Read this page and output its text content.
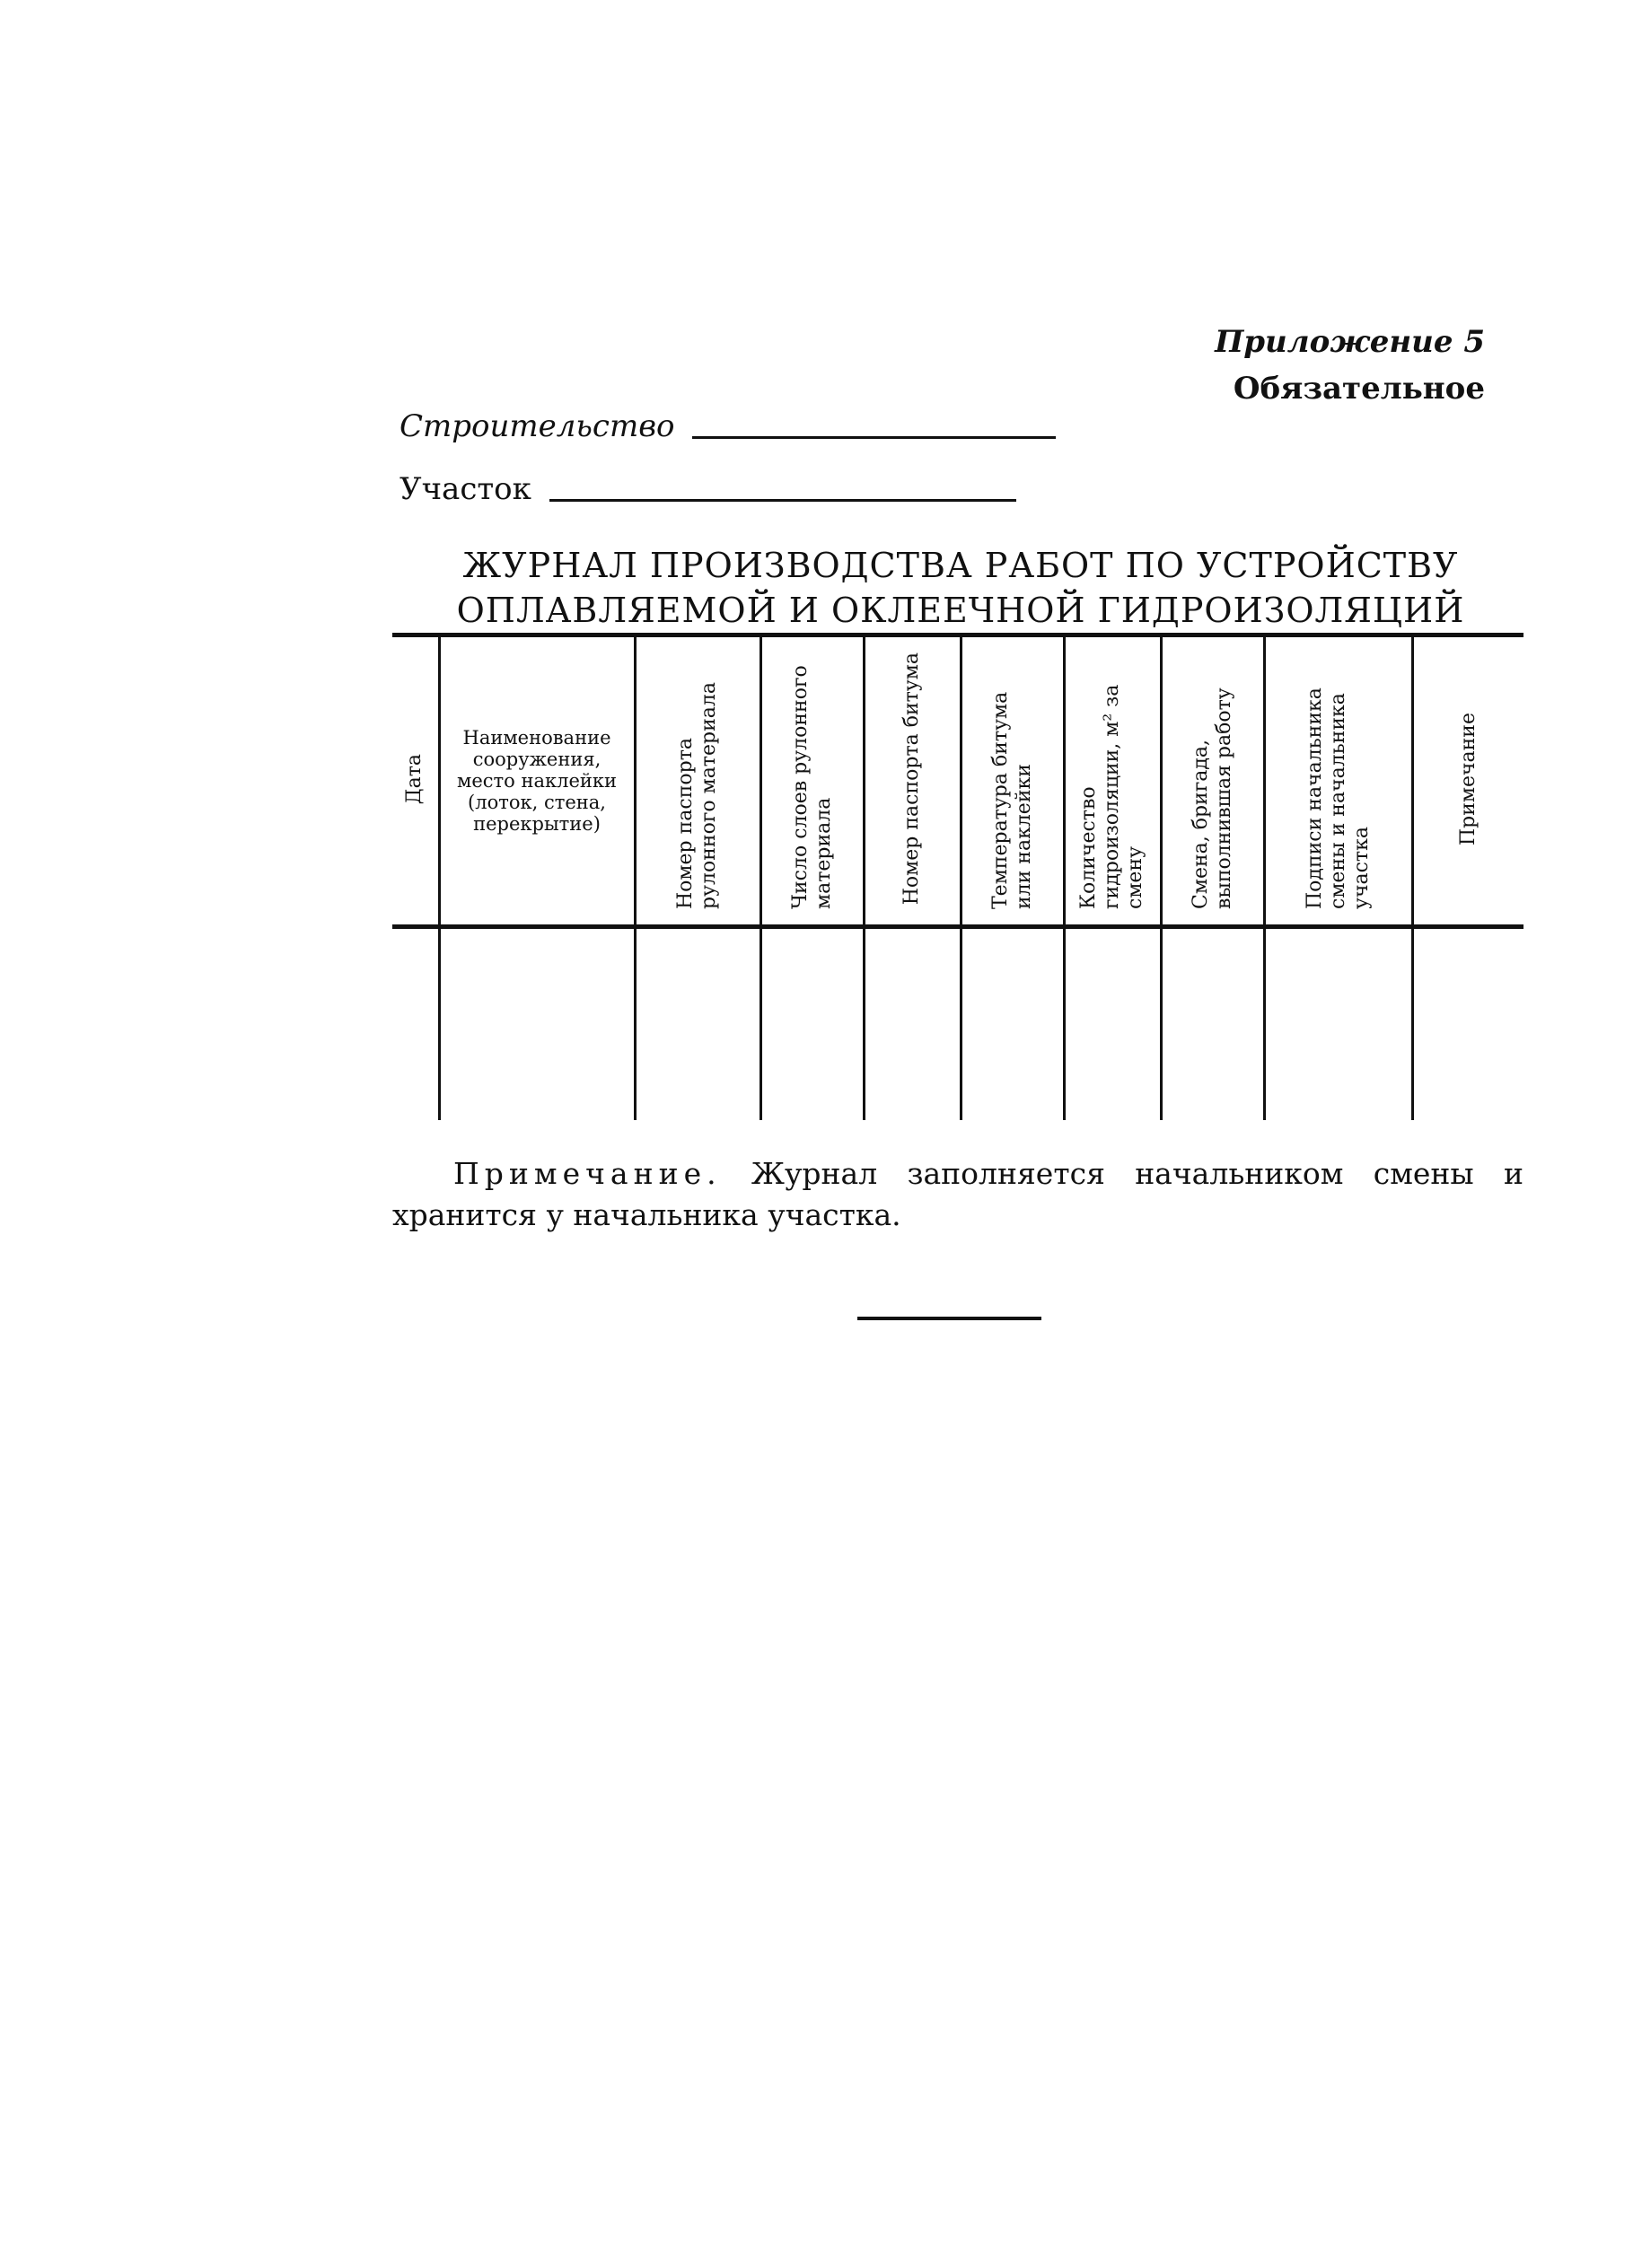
Приложение 5
Обязательное
Строительство
Участок
ЖУРНАЛ ПРОИЗВОДСТВА РАБОТ ПО УСТРОЙСТВУ
ОПЛАВЛЯЕМОЙ И ОКЛЕЕЧНОЙ ГИДРОИЗОЛЯЦИЙ
Дата	Наименование сооружения, место наклейки (лоток, стена, перекрытие)	Номер паспорта рулонного материала	Число слоев рулонного материала	Номер паспорта битума	Температура битума или наклейки	Количество гидроизоляции, м² за смену	Смена, бригада, выполнившая работу	Подписи начальника смены и начальника участка	Примечание

Примечание. Журнал заполняется начальником смены и хранится у начальника участка.
